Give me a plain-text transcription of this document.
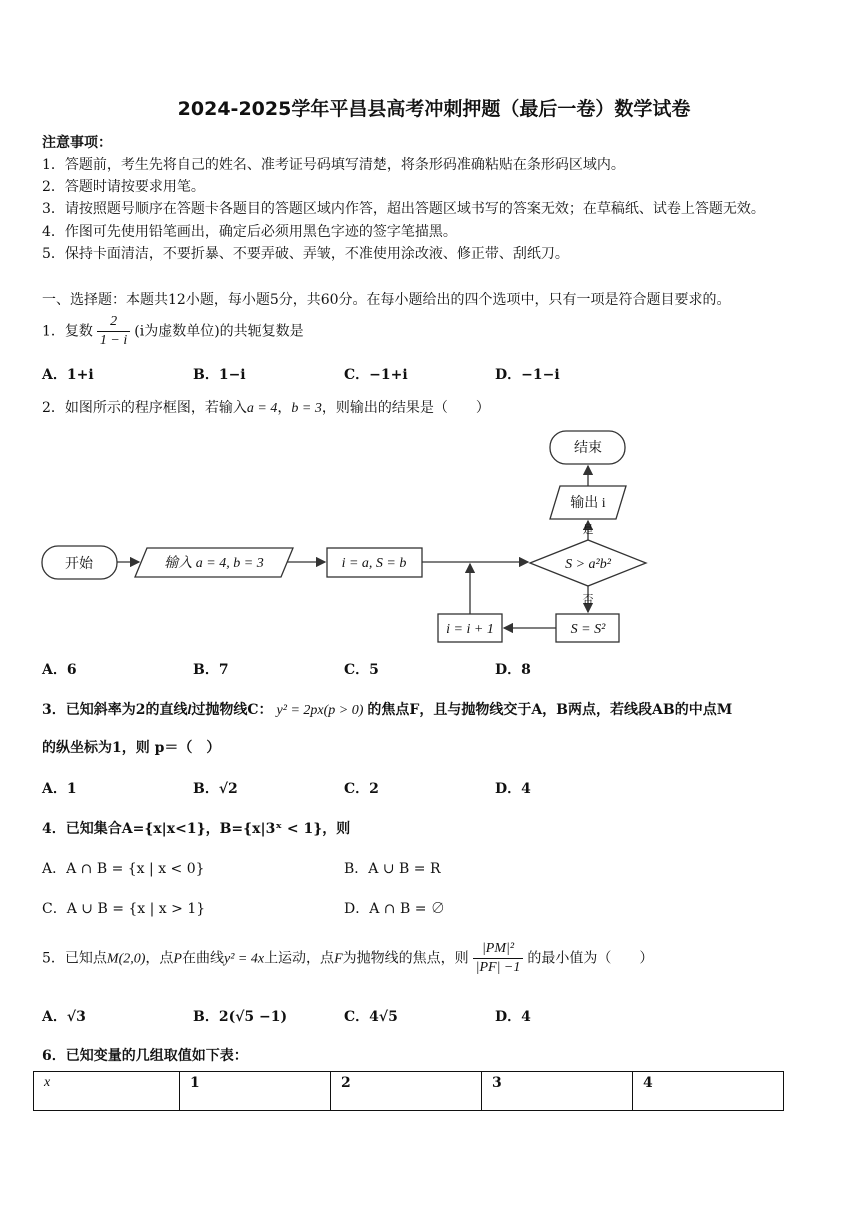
2024-2025学年平昌县高考冲刺押题（最后一卷）数学试卷
注意事项：
1．答题前，考生先将自己的姓名、准考证号码填写清楚，将条形码准确粘贴在条形码区域内。
2．答题时请按要求用笔。
3．请按照题号顺序在答题卡各题目的答题区域内作答，超出答题区域书写的答案无效；在草稿纸、试卷上答题无效。
4．作图可先使用铅笔画出，确定后必须用黑色字迹的签字笔描黑。
5．保持卡面清洁，不要折暴、不要弄破、弄皱，不准使用涂改液、修正带、刮纸刀。
一、选择题：本题共12小题，每小题5分，共60分。在每小题给出的四个选项中，只有一项是符合题目要求的。
1．复数 $\frac{2}{1 - i} (i$为虚数单位)的共轭复数是
A．1+i	B．1−i	C．−1+i	D．−1−i
2．如图所示的程序框图，若输入a = 4，b = 3，则输出的结果是（　　）
开始	输入 a = 4, b = 3	i = a, S = b	S > a²b²
输出 i
结束
S = S²
i = i + 1
是
否
A．6	B．7	C．5	D．8
3．已知斜率为2的直线l过抛物线C： y² = 2px(p > 0) 的焦点F，且与抛物线交于A，B两点，若线段AB的中点M
的纵坐标为1，则 p＝（　）
A．1	B．√2	C．2	D．4
4．已知集合A={x|x<1}，B={x|3ˣ < 1}，则
A．A ∩ B = {x | x < 0}	B．A ∪ B = R
C．A ∪ B = {x | x > 1}	D．A ∩ B = ∅
5．已知点M(2,0)，点P在曲线y² = 4x上运动，点F为抛物线的焦点，则 $\frac{\text{|PM|²}}{|PF| -1}$ 的最小值为（　　）
A．√3	B．2(√5 −1)	C．4√5	D．4
6．已知变量的几组取值如下表：
x	1	2	3	4
